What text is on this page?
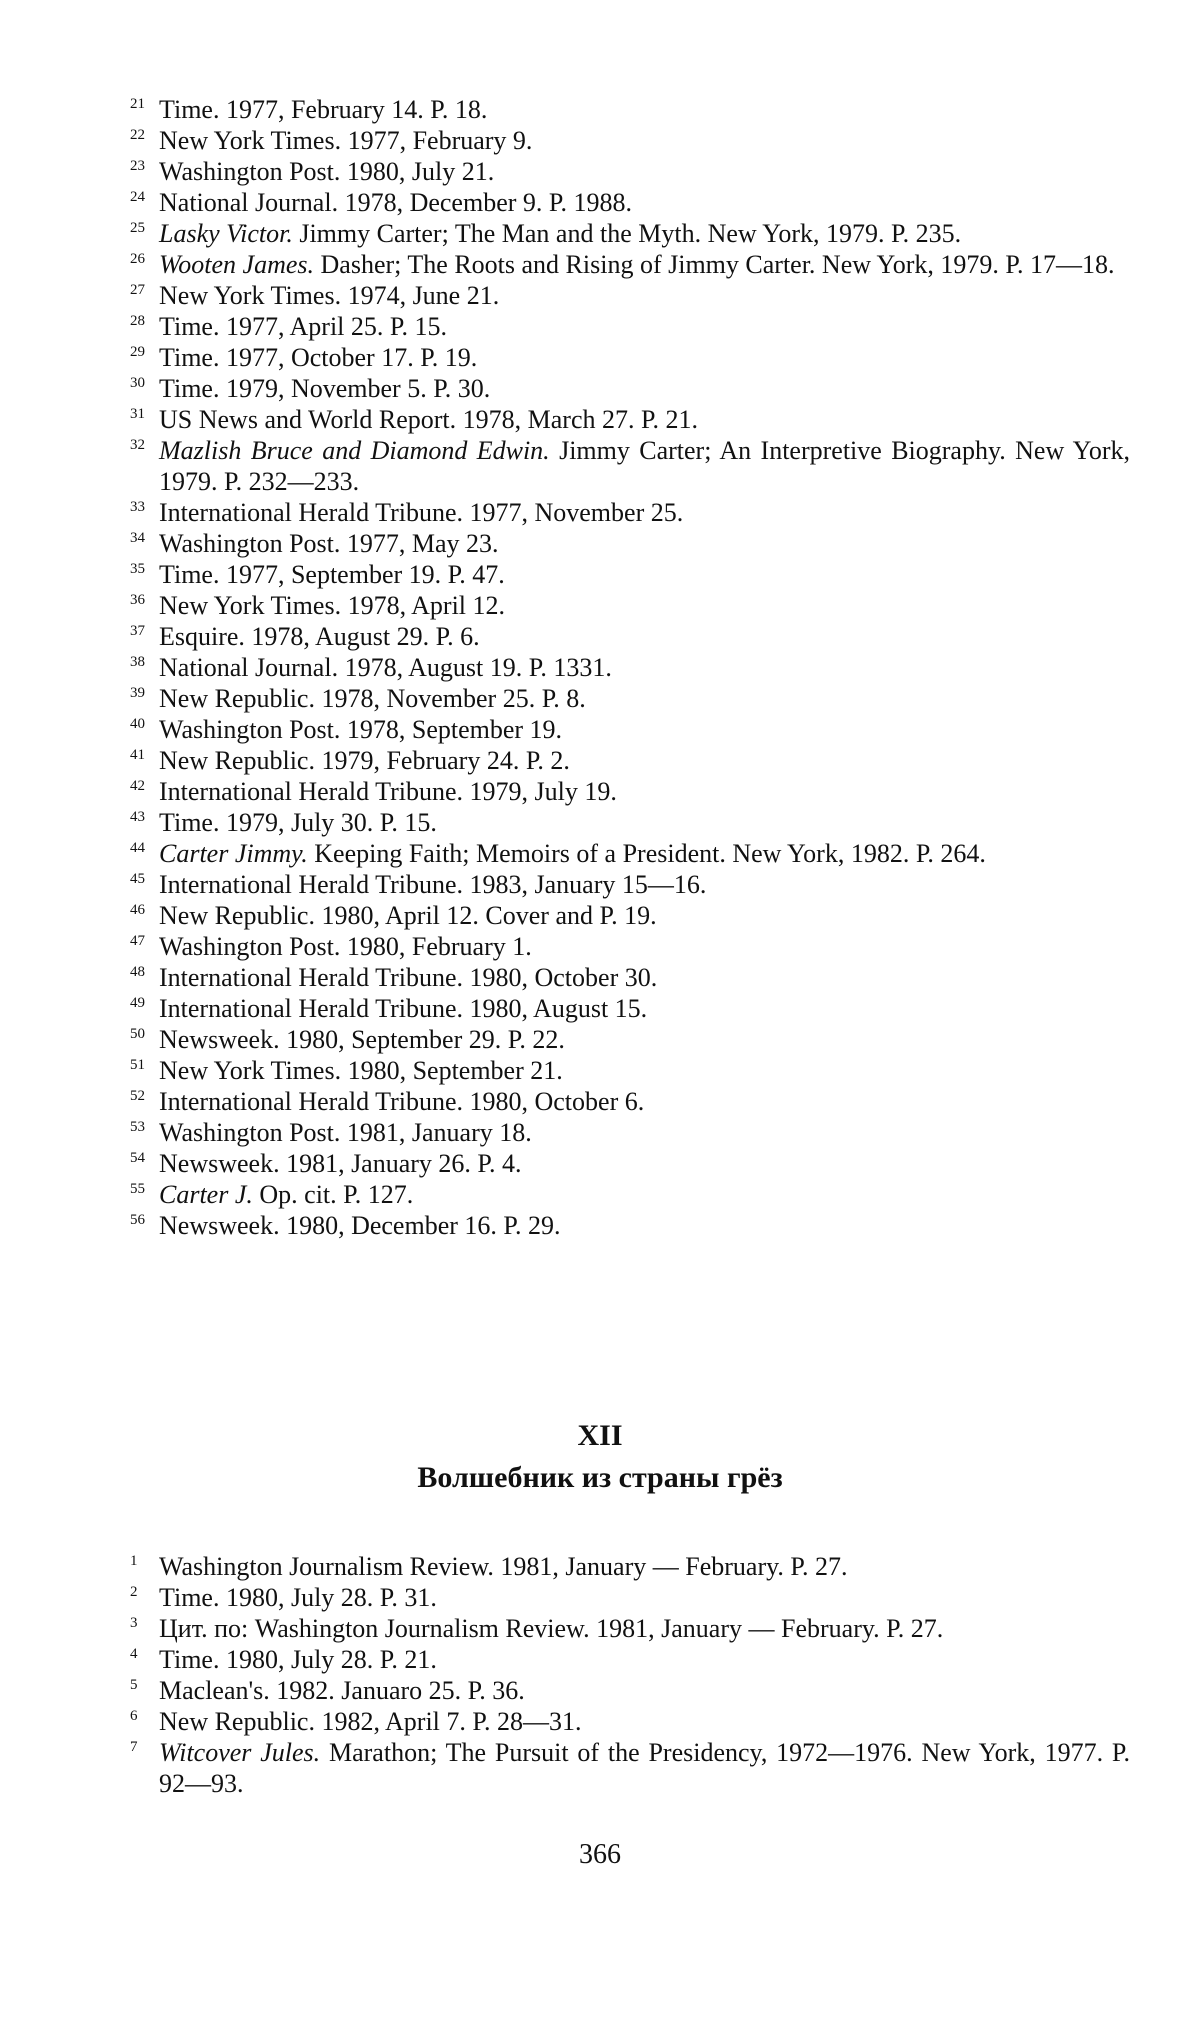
21 Time. 1977, February 14. P. 18.
22 New York Times. 1977, February 9.
23 Washington Post. 1980, July 21.
24 National Journal. 1978, December 9. P. 1988.
25 Lasky Victor. Jimmy Carter; The Man and the Myth. New York, 1979. P. 235.
26 Wooten James. Dasher; The Roots and Rising of Jimmy Carter. New York, 1979. P. 17—18.
27 New York Times. 1974, June 21.
28 Time. 1977, April 25. P. 15.
29 Time. 1977, October 17. P. 19.
30 Time. 1979, November 5. P. 30.
31 US News and World Report. 1978, March 27. P. 21.
32 Mazlish Bruce and Diamond Edwin. Jimmy Carter; An Interpretive Biography. New York, 1979. P. 232—233.
33 International Herald Tribune. 1977, November 25.
34 Washington Post. 1977, May 23.
35 Time. 1977, September 19. P. 47.
36 New York Times. 1978, April 12.
37 Esquire. 1978, August 29. P. 6.
38 National Journal. 1978, August 19. P. 1331.
39 New Republic. 1978, November 25. P. 8.
40 Washington Post. 1978, September 19.
41 New Republic. 1979, February 24. P. 2.
42 International Herald Tribune. 1979, July 19.
43 Time. 1979, July 30. P. 15.
44 Carter Jimmy. Keeping Faith; Memoirs of a President. New York, 1982. P. 264.
45 International Herald Tribune. 1983, January 15—16.
46 New Republic. 1980, April 12. Cover and P. 19.
47 Washington Post. 1980, February 1.
48 International Herald Tribune. 1980, October 30.
49 International Herald Tribune. 1980, August 15.
50 Newsweek. 1980, September 29. P. 22.
51 New York Times. 1980, September 21.
52 International Herald Tribune. 1980, October 6.
53 Washington Post. 1981, January 18.
54 Newsweek. 1981, January 26. P. 4.
55 Carter J. Op. cit. P. 127.
56 Newsweek. 1980, December 16. P. 29.
XII
Волшебник из страны грёз
1 Washington Journalism Review. 1981, January — February. P. 27.
2 Time. 1980, July 28. P. 31.
3 Цит. по: Washington Journalism Review. 1981, January — February. P. 27.
4 Time. 1980, July 28. P. 21.
5 Maclean's. 1982. Januaro 25. P. 36.
6 New Republic. 1982, April 7. P. 28—31.
7 Witcover Jules. Marathon; The Pursuit of the Presidency, 1972—1976. New York, 1977. P. 92—93.
366
